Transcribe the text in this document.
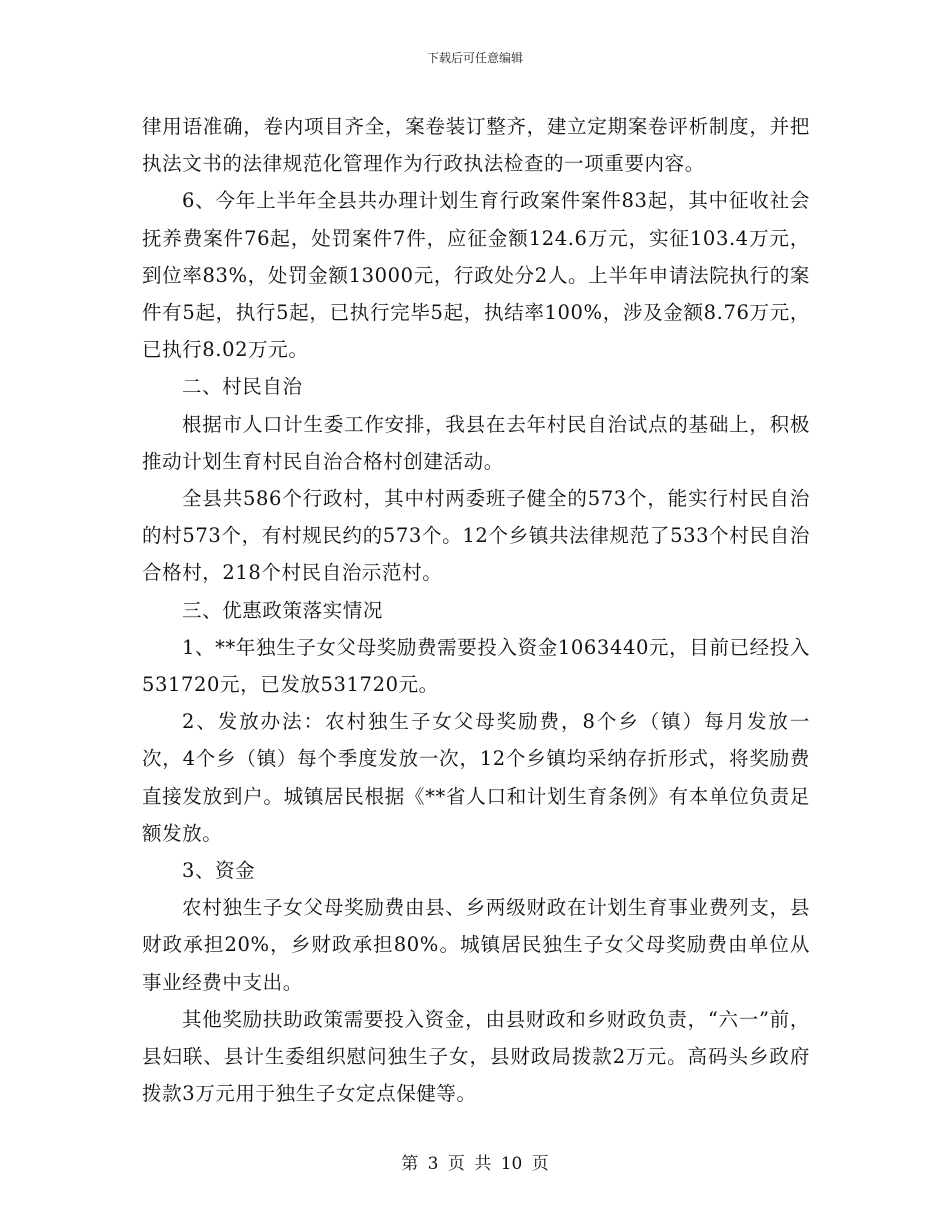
下载后可任意编辑

律用语准确，卷内项目齐全，案卷装订整齐，建立定期案卷评析制度，并把执法文书的法律规范化管理作为行政执法检查的一项重要内容。

6、今年上半年全县共办理计划生育行政案件案件83起，其中征收社会抚养费案件76起，处罚案件7件，应征金额124.6万元，实征103.4万元，到位率83%，处罚金额13000元，行政处分2人。上半年申请法院执行的案件有5起，执行5起，已执行完毕5起，执结率100%，涉及金额8.76万元，已执行8.02万元。

二、村民自治

根据市人口计生委工作安排，我县在去年村民自治试点的基础上，积极推动计划生育村民自治合格村创建活动。

全县共586个行政村，其中村两委班子健全的573个，能实行村民自治的村573个，有村规民约的573个。12个乡镇共法律规范了533个村民自治合格村，218个村民自治示范村。

三、优惠政策落实情况

1、**年独生子女父母奖励费需要投入资金1063440元，目前已经投入531720元，已发放531720元。

2、发放办法：农村独生子女父母奖励费，8个乡（镇）每月发放一次，4个乡（镇）每个季度发放一次，12个乡镇均采纳存折形式，将奖励费直接发放到户。城镇居民根据《**省人口和计划生育条例》有本单位负责足额发放。

3、资金

农村独生子女父母奖励费由县、乡两级财政在计划生育事业费列支，县财政承担20%，乡财政承担80%。城镇居民独生子女父母奖励费由单位从事业经费中支出。

其他奖励扶助政策需要投入资金，由县财政和乡财政负责，“六一”前，县妇联、县计生委组织慰问独生子女，县财政局拨款2万元。高码头乡政府拨款3万元用于独生子女定点保健等。

第 3 页 共 10 页
